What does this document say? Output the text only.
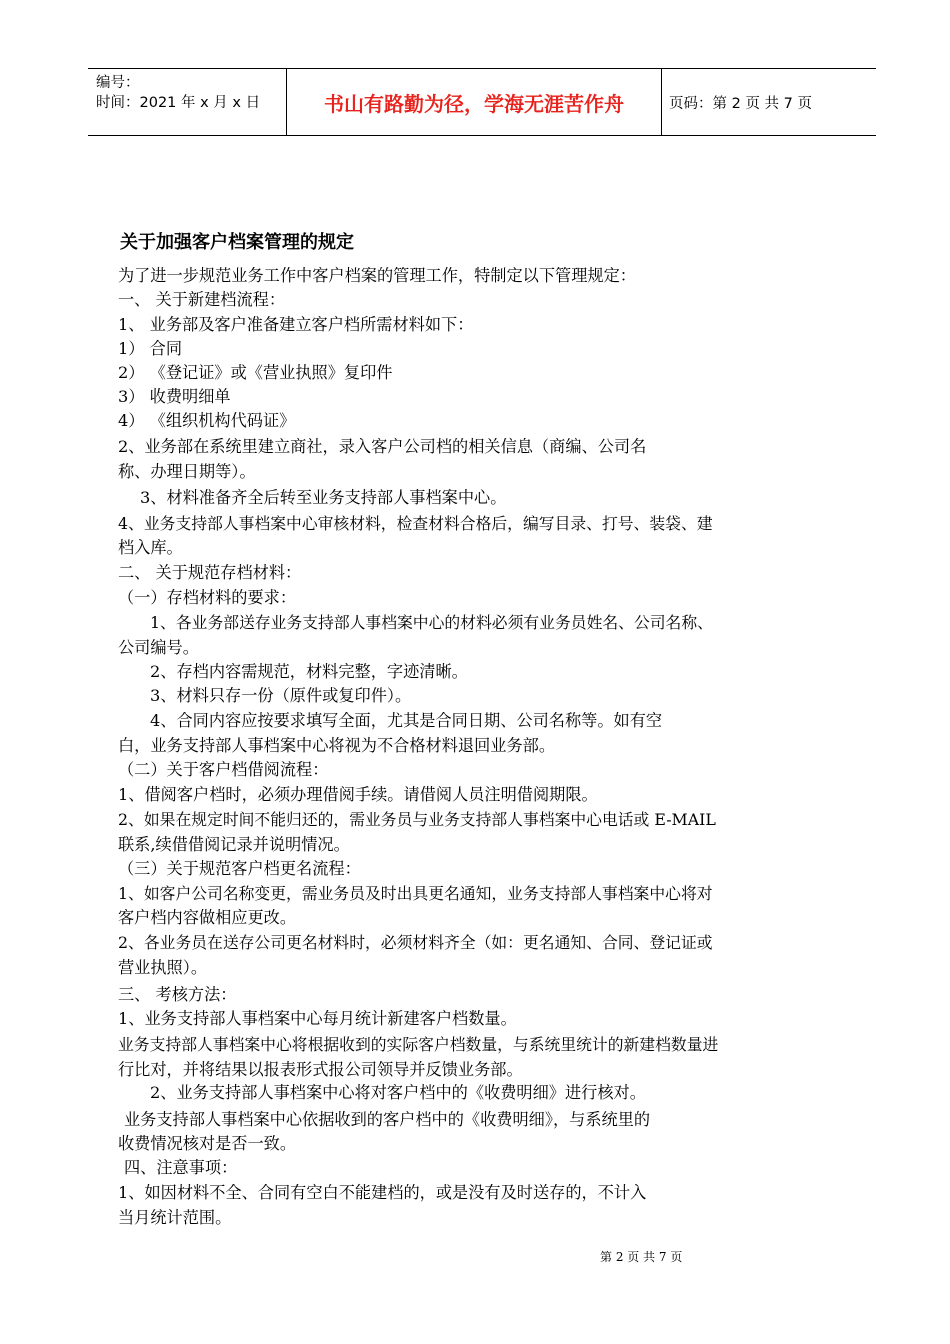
编号：
时间：2021 年 x 月 x 日	书山有路勤为径，学海无涯苦作舟	页码：第 2 页 共 7 页
关于加强客户档案管理的规定
为了进一步规范业务工作中客户档案的管理工作，特制定以下管理规定：
一、 关于新建档流程：
1、 业务部及客户准备建立客户档所需材料如下：
1） 合同
2） 《登记证》或《营业执照》复印件
3） 收费明细单
4） 《组织机构代码证》
2、业务部在系统里建立商社，录入客户公司档的相关信息（商编、公司名
称、办理日期等）。
3、材料准备齐全后转至业务支持部人事档案中心。
4、业务支持部人事档案中心审核材料，检查材料合格后，编写目录、打号、装袋、建
档入库。
二、 关于规范存档材料：
（一）存档材料的要求：
1、各业务部送存业务支持部人事档案中心的材料必须有业务员姓名、公司名称、
公司编号。
2、存档内容需规范，材料完整，字迹清晰。
3、材料只存一份（原件或复印件）。
4、合同内容应按要求填写全面，尤其是合同日期、公司名称等。如有空
白，业务支持部人事档案中心将视为不合格材料退回业务部。
（二）关于客户档借阅流程：
1、借阅客户档时，必须办理借阅手续。请借阅人员注明借阅期限。
2、如果在规定时间不能归还的，需业务员与业务支持部人事档案中心电话或 E-MAIL
联系,续借借阅记录并说明情况。
（三）关于规范客户档更名流程：
1、如客户公司名称变更，需业务员及时出具更名通知，业务支持部人事档案中心将对
客户档内容做相应更改。
2、各业务员在送存公司更名材料时，必须材料齐全（如：更名通知、合同、登记证或
营业执照）。
三、 考核方法：
1、业务支持部人事档案中心每月统计新建客户档数量。
业务支持部人事档案中心将根据收到的实际客户档数量，与系统里统计的新建档数量进
行比对，并将结果以报表形式报公司领导并反馈业务部。
2、业务支持部人事档案中心将对客户档中的《收费明细》进行核对。
业务支持部人事档案中心依据收到的客户档中的《收费明细》，与系统里的
收费情况核对是否一致。
四、注意事项：
1、如因材料不全、合同有空白不能建档的，或是没有及时送存的，不计入
当月统计范围。
第 2 页 共 7 页
